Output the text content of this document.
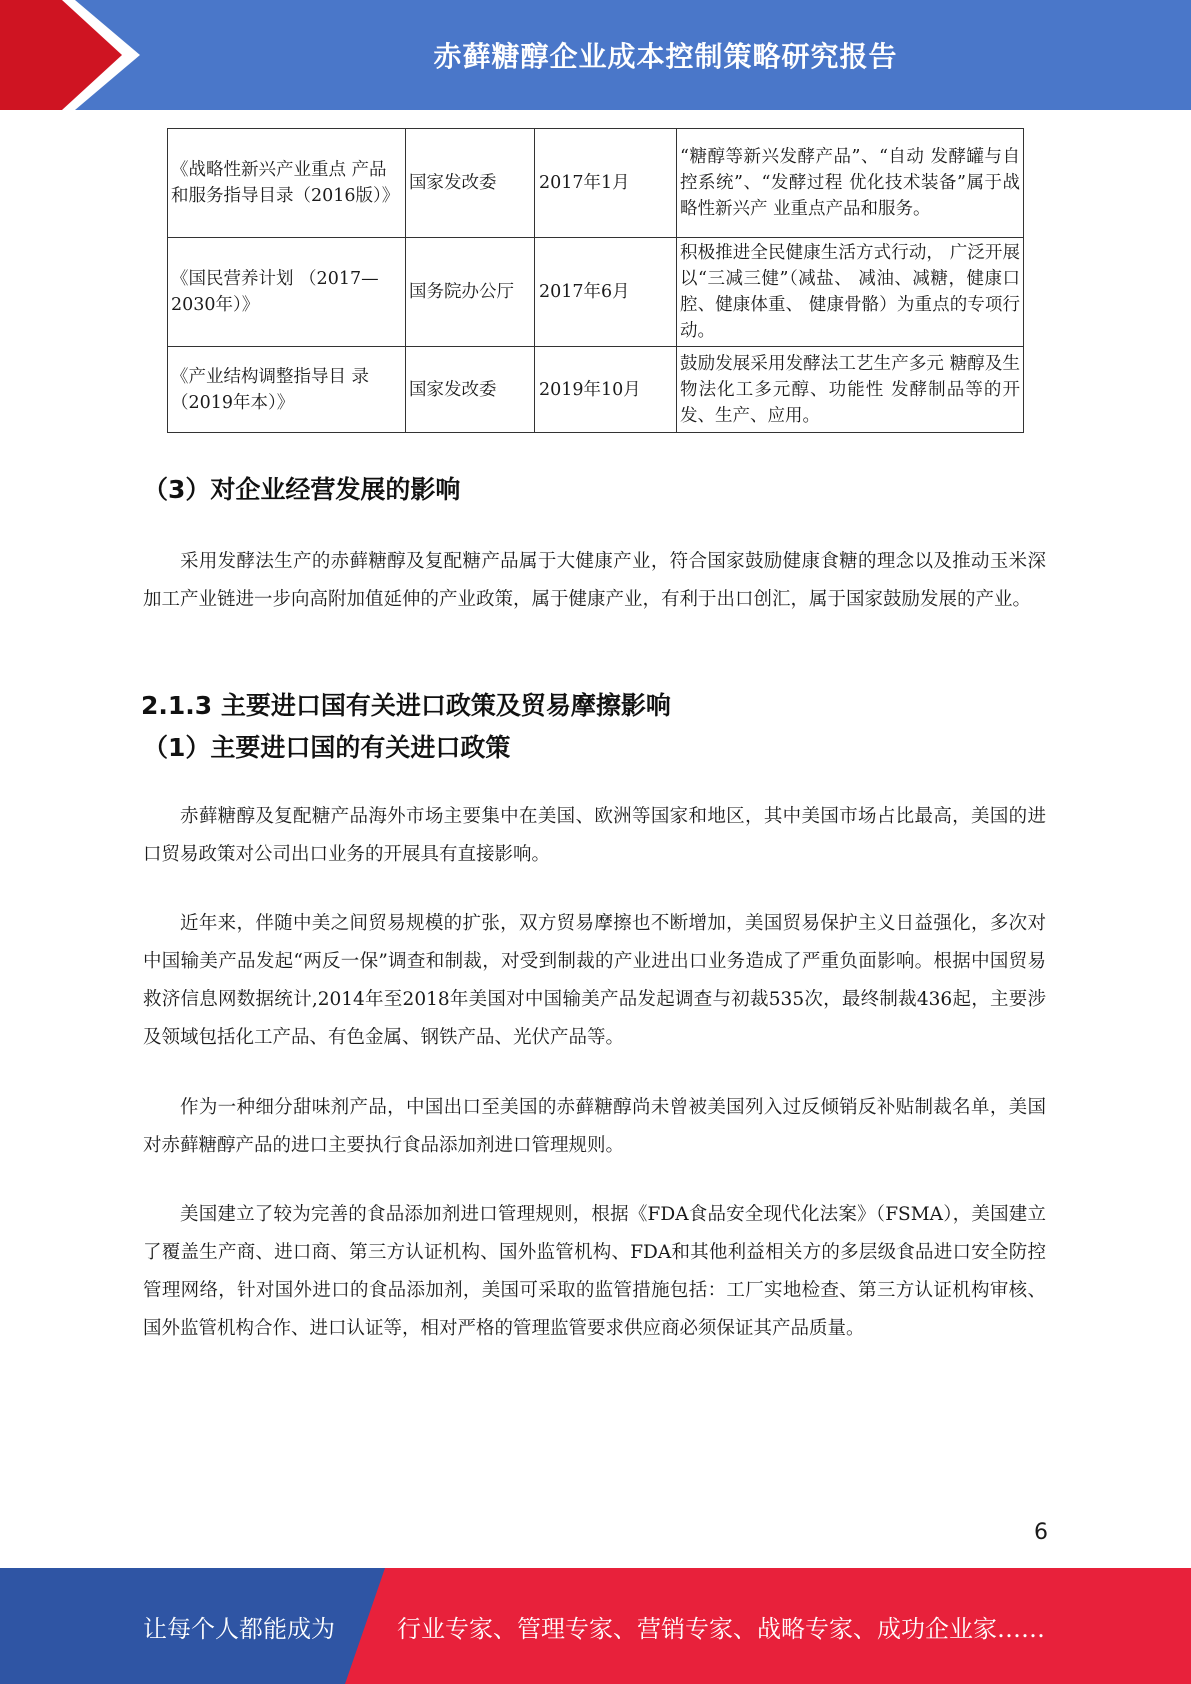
赤藓糖醇企业成本控制策略研究报告
《战略性新兴产业重点 产品和服务指导目录（2016版）》	国家发改委	2017年1月	“糖醇等新兴发酵产品”、“自动 发酵罐与自控系统”、“发酵过程 优化技术装备”属于战略性新兴产 业重点产品和服务。
《国民营养计划 （2017—2030年）》	国务院办公厅	2017年6月	积极推进全民健康生活方式行动， 广泛开展以“三减三健”（减盐、 减油、减糖，健康口腔、健康体重、 健康骨骼）为重点的专项行动。
《产业结构调整指导目 录（2019年本）》	国家发改委	2019年10月	鼓励发展采用发酵法工艺生产多元 糖醇及生物法化工多元醇、功能性 发酵制品等的开发、生产、应用。
（3）对企业经营发展的影响

采用发酵法生产的赤藓糖醇及复配糖产品属于大健康产业，符合国家鼓励健康食糖的理念以及推动玉米深加工产业链进一步向高附加值延伸的产业政策，属于健康产业，有利于出口创汇，属于国家鼓励发展的产业。

2.1.3 主要进口国有关进口政策及贸易摩擦影响
（1）主要进口国的有关进口政策

赤藓糖醇及复配糖产品海外市场主要集中在美国、欧洲等国家和地区，其中美国市场占比最高，美国的进口贸易政策对公司出口业务的开展具有直接影响。

近年来，伴随中美之间贸易规模的扩张，双方贸易摩擦也不断增加，美国贸易保护主义日益强化，多次对中国输美产品发起“两反一保”调查和制裁，对受到制裁的产业进出口业务造成了严重负面影响。根据中国贸易救济信息网数据统计,2014年至2018年美国对中国输美产品发起调查与初裁535次，最终制裁436起，主要涉及领域包括化工产品、有色金属、钢铁产品、光伏产品等。

作为一种细分甜味剂产品，中国出口至美国的赤藓糖醇尚未曾被美国列入过反倾销反补贴制裁名单，美国对赤藓糖醇产品的进口主要执行食品添加剂进口管理规则。

美国建立了较为完善的食品添加剂进口管理规则，根据《FDA食品安全现代化法案》（FSMA），美国建立了覆盖生产商、进口商、第三方认证机构、国外监管机构、FDA和其他利益相关方的多层级食品进口安全防控管理网络，针对国外进口的食品添加剂，美国可采取的监管措施包括：工厂实地检查、第三方认证机构审核、国外监管机构合作、进口认证等，相对严格的管理监管要求供应商必须保证其产品质量。

6
让每个人都能成为	行业专家、管理专家、营销专家、战略专家、成功企业家……
